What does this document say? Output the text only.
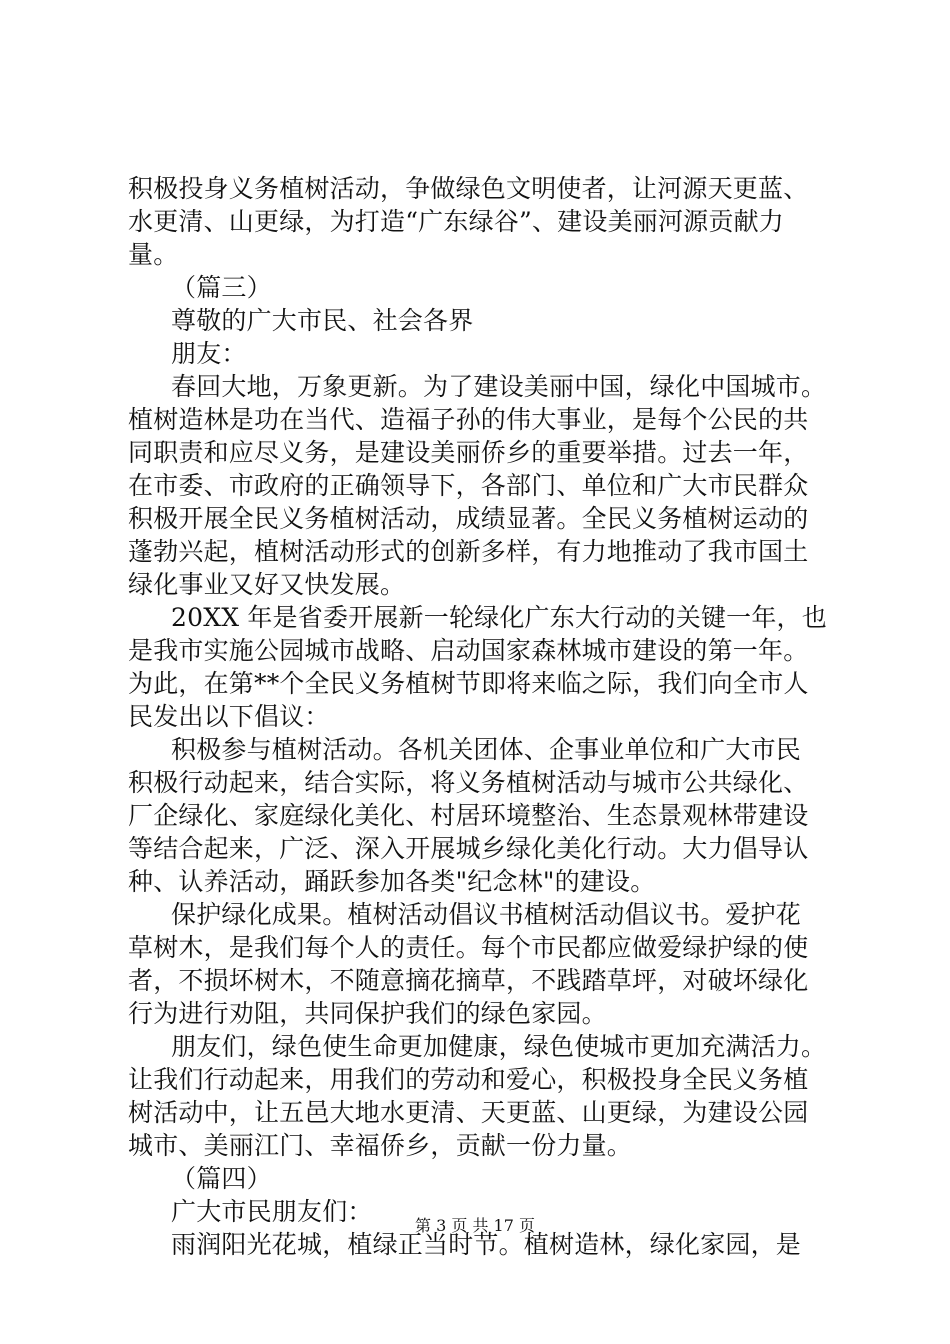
积极投身义务植树活动，争做绿色文明使者，让河源天更蓝、
水更清、山更绿，为打造“广东绿谷”、建设美丽河源贡献力
量。
（篇三）
尊敬的广大市民、社会各界
朋友：
春回大地，万象更新。为了建设美丽中国，绿化中国城市。
植树造林是功在当代、造福子孙的伟大事业，是每个公民的共
同职责和应尽义务，是建设美丽侨乡的重要举措。过去一年，
在市委、市政府的正确领导下，各部门、单位和广大市民群众
积极开展全民义务植树活动，成绩显著。全民义务植树运动的
蓬勃兴起，植树活动形式的创新多样，有力地推动了我市国土
绿化事业又好又快发展。
20XX 年是省委开展新一轮绿化广东大行动的关键一年，也
是我市实施公园城市战略、启动国家森林城市建设的第一年。
为此，在第**个全民义务植树节即将来临之际，我们向全市人
民发出以下倡议：
积极参与植树活动。各机关团体、企事业单位和广大市民
积极行动起来，结合实际，将义务植树活动与城市公共绿化、
厂企绿化、家庭绿化美化、村居环境整治、生态景观林带建设
等结合起来，广泛、深入开展城乡绿化美化行动。大力倡导认
种、认养活动，踊跃参加各类"纪念林"的建设。
保护绿化成果。植树活动倡议书植树活动倡议书。爱护花
草树木，是我们每个人的责任。每个市民都应做爱绿护绿的使
者，不损坏树木，不随意摘花摘草，不践踏草坪，对破坏绿化
行为进行劝阻，共同保护我们的绿色家园。
朋友们，绿色使生命更加健康，绿色使城市更加充满活力。
让我们行动起来，用我们的劳动和爱心，积极投身全民义务植
树活动中，让五邑大地水更清、天更蓝、山更绿，为建设公园
城市、美丽江门、幸福侨乡，贡献一份力量。
（篇四）
广大市民朋友们：
雨润阳光花城，植绿正当时节。植树造林，绿化家园，是
第 3 页 共 17 页
